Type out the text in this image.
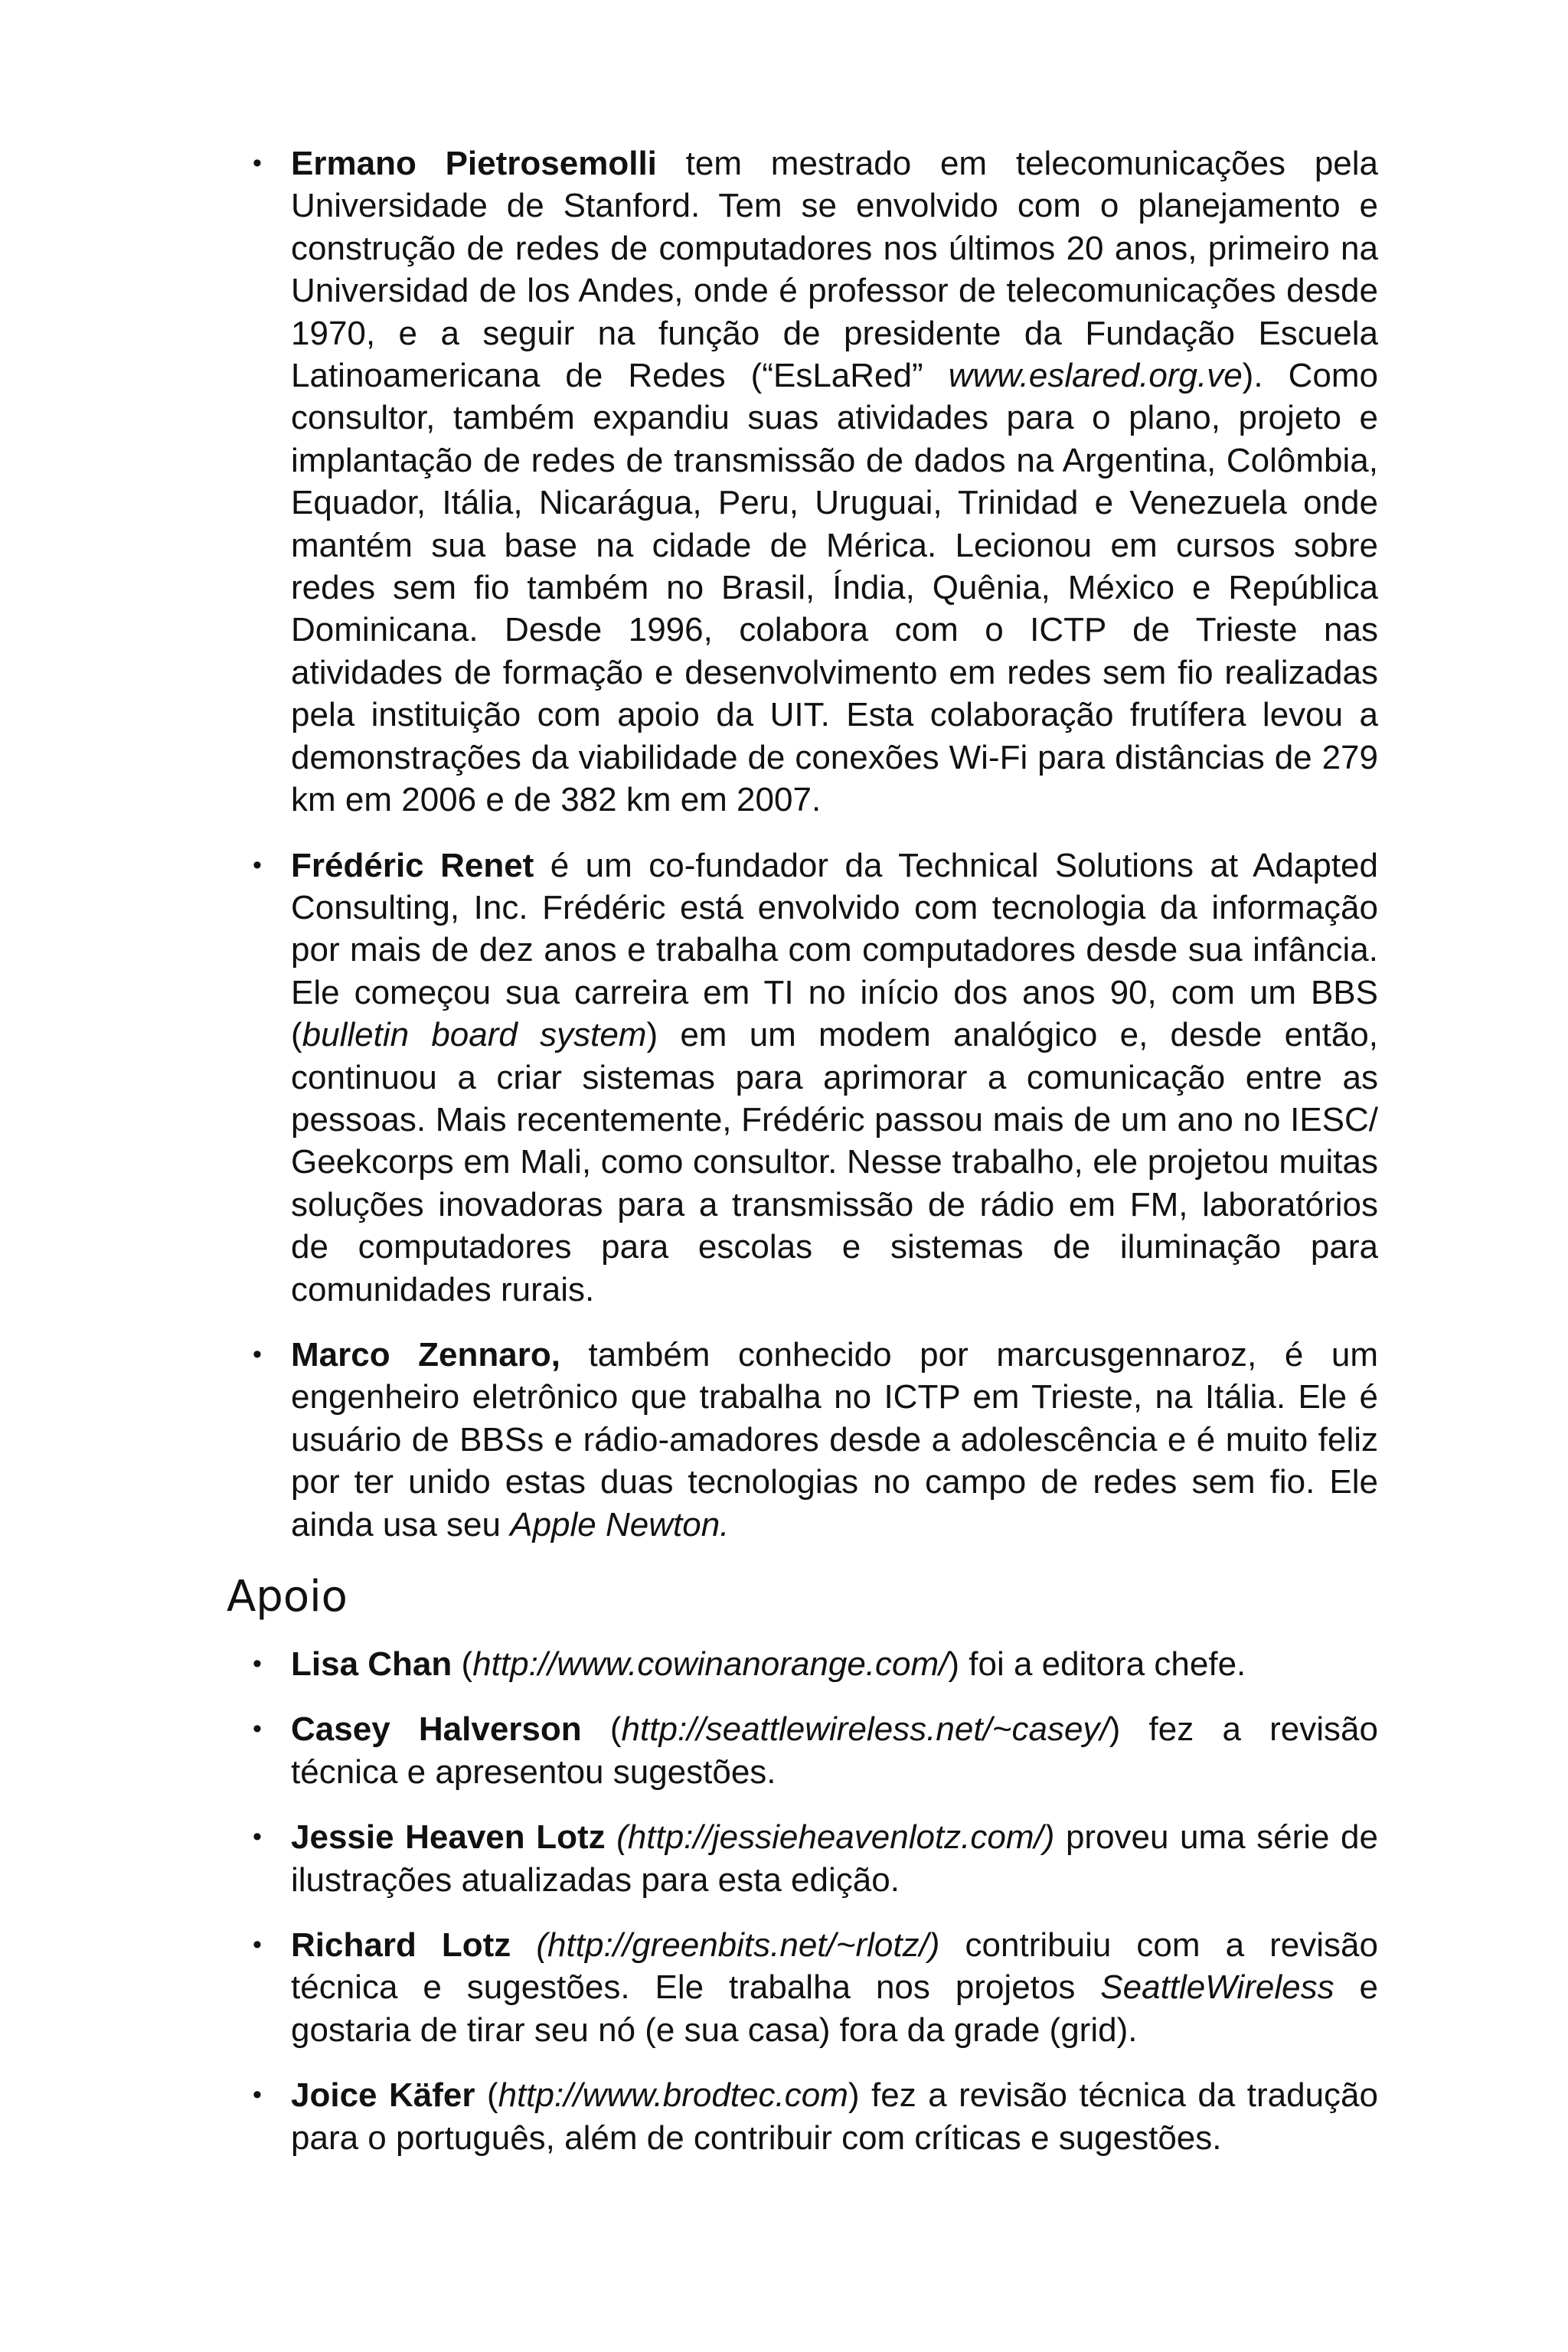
• Ermano Pietrosemolli tem mestrado em telecomunicações pela Universidade de Stanford. Tem se envolvido com o planejamento e construção de redes de computadores nos últimos 20 anos, primeiro na Universidad de los Andes, onde é professor de telecomunicações desde 1970, e a seguir na função de presidente da Fundação Escuela Latinoamericana de Redes (“EsLaRed” www.eslared.org.ve). Como consultor, também expandiu suas atividades para o plano, projeto e implantação de redes de transmissão de dados na Argentina, Colômbia, Equador, Itália, Nicarágua, Peru, Uruguai, Trinidad e Venezuela onde mantém sua base na cidade de Mérica. Lecionou em cursos sobre redes sem fio também no Brasil, Índia, Quênia, México e República Dominicana. Desde 1996, colabora com o ICTP de Trieste nas atividades de formação e desenvolvimento em redes sem fio realizadas pela instituição com apoio da UIT. Esta colaboração frutífera levou a demonstrações da viabilidade de conexões Wi-Fi para distâncias de 279 km em 2006 e de 382 km em 2007.
• Frédéric Renet é um co-fundador da Technical Solutions at Adapted Consulting, Inc. Frédéric está envolvido com tecnologia da informação por mais de dez anos e trabalha com computadores desde sua infância. Ele começou sua carreira em TI no início dos anos 90, com um BBS (bulletin board system) em um modem analógico e, desde então, continuou a criar sistemas para aprimorar a comunicação entre as pessoas. Mais recentemente, Frédéric passou mais de um ano no IESC/ Geekcorps em Mali, como consultor. Nesse trabalho, ele projetou muitas soluções inovadoras para a transmissão de rádio em FM, laboratórios de computadores para escolas e sistemas de iluminação para comunidades rurais.
• Marco Zennaro, também conhecido por marcusgennaroz, é um engenheiro eletrônico que trabalha no ICTP em Trieste, na Itália. Ele é usuário de BBSs e rádio-amadores desde a adolescência e é muito feliz por ter unido estas duas tecnologias no campo de redes sem fio. Ele ainda usa seu Apple Newton.
Apoio
• Lisa Chan (http://www.cowinanorange.com/) foi a editora chefe.
• Casey Halverson (http://seattlewireless.net/~casey/) fez a revisão técnica e apresentou sugestões.
• Jessie Heaven Lotz (http://jessieheavenlotz.com/) proveu uma série de ilustrações atualizadas para esta edição.
• Richard Lotz (http://greenbits.net/~rlotz/) contribuiu com a revisão técnica e sugestões. Ele trabalha nos projetos SeattleWireless e gostaria de tirar seu nó (e sua casa) fora da grade (grid).
• Joice Käfer (http://www.brodtec.com) fez a revisão técnica da tradução para o português, além de contribuir com críticas e sugestões.
